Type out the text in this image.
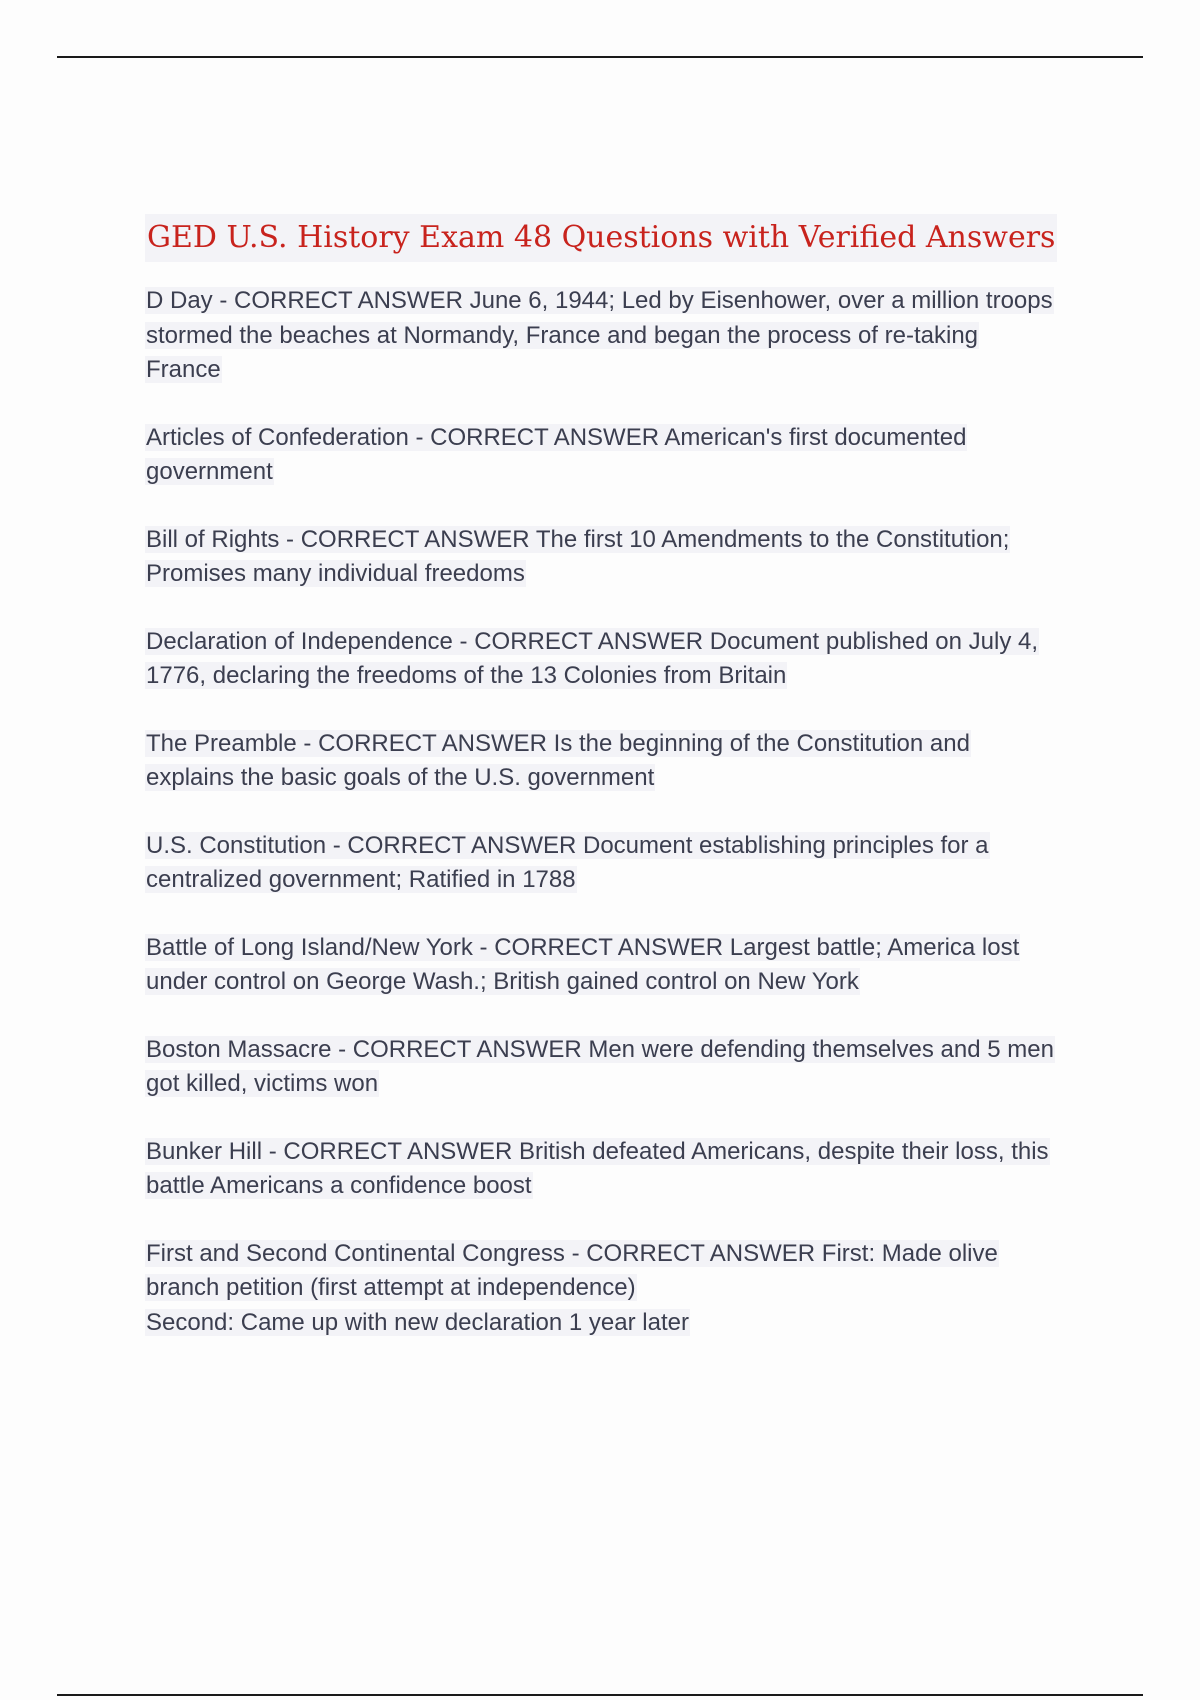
GED U.S. History Exam 48 Questions with Verified Answers
D Day - CORRECT ANSWER June 6, 1944; Led by Eisenhower, over a million troops
stormed the beaches at Normandy, France and began the process of re-taking
France
Articles of Confederation - CORRECT ANSWER American's first documented
government
Bill of Rights - CORRECT ANSWER The first 10 Amendments to the Constitution;
Promises many individual freedoms
Declaration of Independence - CORRECT ANSWER Document published on July 4,
1776, declaring the freedoms of the 13 Colonies from Britain
The Preamble - CORRECT ANSWER Is the beginning of the Constitution and
explains the basic goals of the U.S. government
U.S. Constitution - CORRECT ANSWER Document establishing principles for a
centralized government; Ratified in 1788
Battle of Long Island/New York - CORRECT ANSWER Largest battle; America lost
under control on George Wash.; British gained control on New York
Boston Massacre - CORRECT ANSWER Men were defending themselves and 5 men
got killed, victims won
Bunker Hill - CORRECT ANSWER British defeated Americans, despite their loss, this
battle Americans a confidence boost
First and Second Continental Congress - CORRECT ANSWER First: Made olive
branch petition (first attempt at independence)
Second: Came up with new declaration 1 year later
